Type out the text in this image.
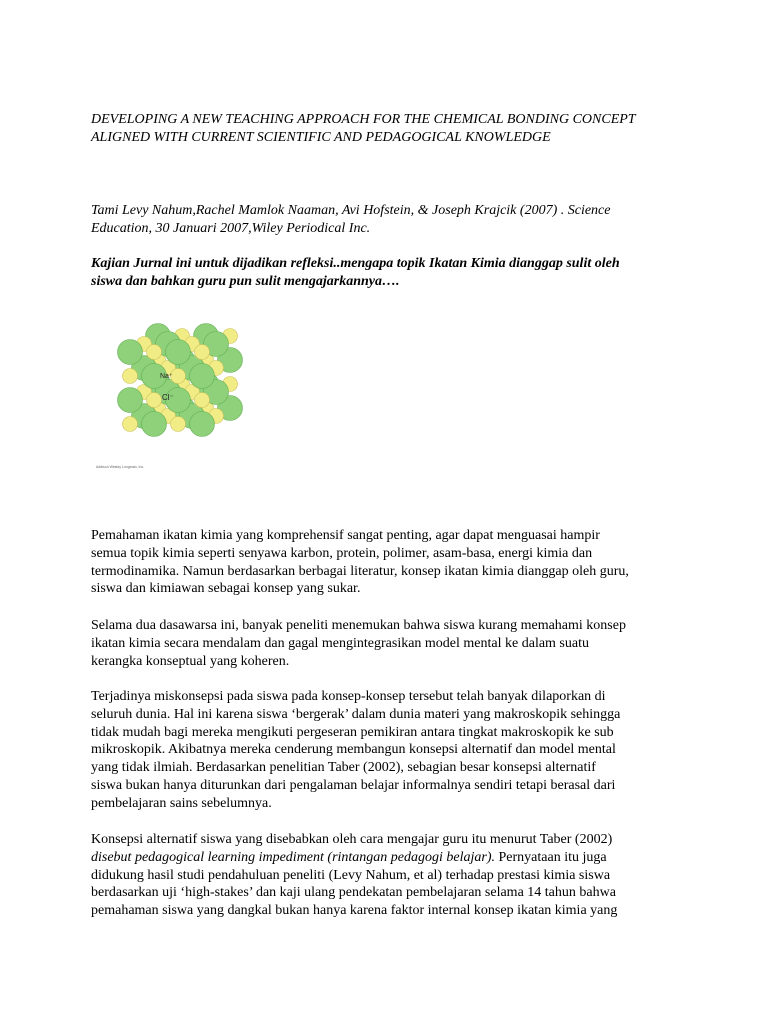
DEVELOPING A NEW TEACHING APPROACH FOR THE CHEMICAL BONDING CONCEPT
ALIGNED WITH CURRENT SCIENTIFIC AND PEDAGOGICAL KNOWLEDGE
Tami Levy Nahum,Rachel Mamlok Naaman, Avi Hofstein, & Joseph Krajcik (2007) . Science
Education, 30 Januari 2007,Wiley Periodical Inc.
Kajian Jurnal ini untuk dijadikan refleksi..mengapa topik Ikatan Kimia dianggap sulit oleh
siswa dan bahkan guru pun sulit mengajarkannya….
Na⁺
Cl⁻
Addison Wesley Longman, Inc.
Pemahaman ikatan kimia yang komprehensif sangat penting, agar dapat menguasai hampir
semua topik kimia seperti senyawa karbon, protein, polimer, asam-basa, energi kimia dan
termodinamika. Namun berdasarkan berbagai literatur, konsep ikatan kimia dianggap oleh guru,
siswa dan kimiawan sebagai konsep yang sukar.
Selama dua dasawarsa ini, banyak peneliti menemukan bahwa siswa kurang memahami konsep
ikatan kimia secara mendalam dan gagal mengintegrasikan model mental ke dalam suatu
kerangka konseptual yang koheren.
Terjadinya miskonsepsi pada siswa pada konsep-konsep tersebut telah banyak dilaporkan di
seluruh dunia. Hal ini karena siswa ‘bergerak’ dalam dunia materi yang makroskopik sehingga
tidak mudah bagi mereka mengikuti pergeseran pemikiran antara tingkat makroskopik ke sub
mikroskopik. Akibatnya mereka cenderung membangun konsepsi alternatif dan model mental
yang tidak ilmiah. Berdasarkan penelitian Taber (2002), sebagian besar konsepsi alternatif
siswa bukan hanya diturunkan dari pengalaman belajar informalnya sendiri tetapi berasal dari
pembelajaran sains sebelumnya.
Konsepsi alternatif siswa yang disebabkan oleh cara mengajar guru itu menurut Taber (2002)
disebut pedagogical learning impediment (rintangan pedagogi belajar). Pernyataan itu juga
didukung hasil studi pendahuluan peneliti (Levy Nahum, et al) terhadap prestasi kimia siswa
berdasarkan uji ‘high-stakes’ dan kaji ulang pendekatan pembelajaran selama 14 tahun bahwa
pemahaman siswa yang dangkal bukan hanya karena faktor internal konsep ikatan kimia yang
